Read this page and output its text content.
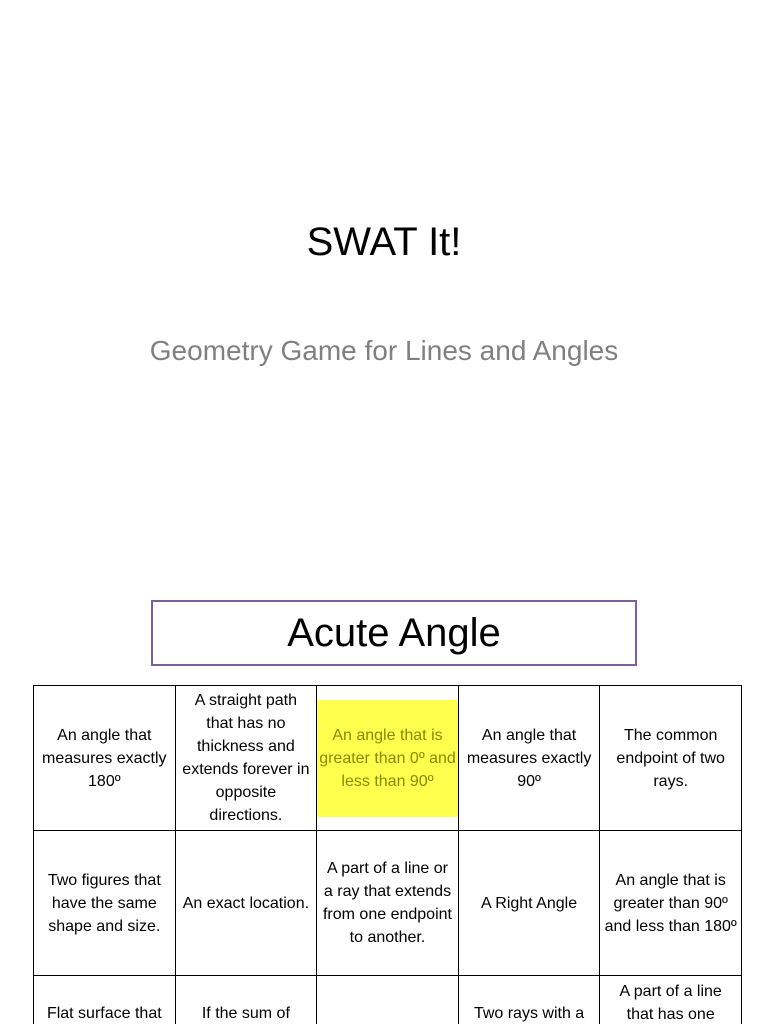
SWAT It!
Geometry Game for Lines and Angles
Acute Angle
An angle that measures exactly 180º	A straight path that has no thickness and extends forever in opposite directions.	An angle that is greater than 0º and less than 90º	An angle that measures exactly 90º	The common endpoint of two rays.
Two figures that have the same shape and size.	An exact location.	A part of a line or a ray that extends from one endpoint to another.	A Right Angle	An angle that is greater than 90º and less than 180º
Flat surface that	If the sum of		Two rays with a	A part of a line that has one
